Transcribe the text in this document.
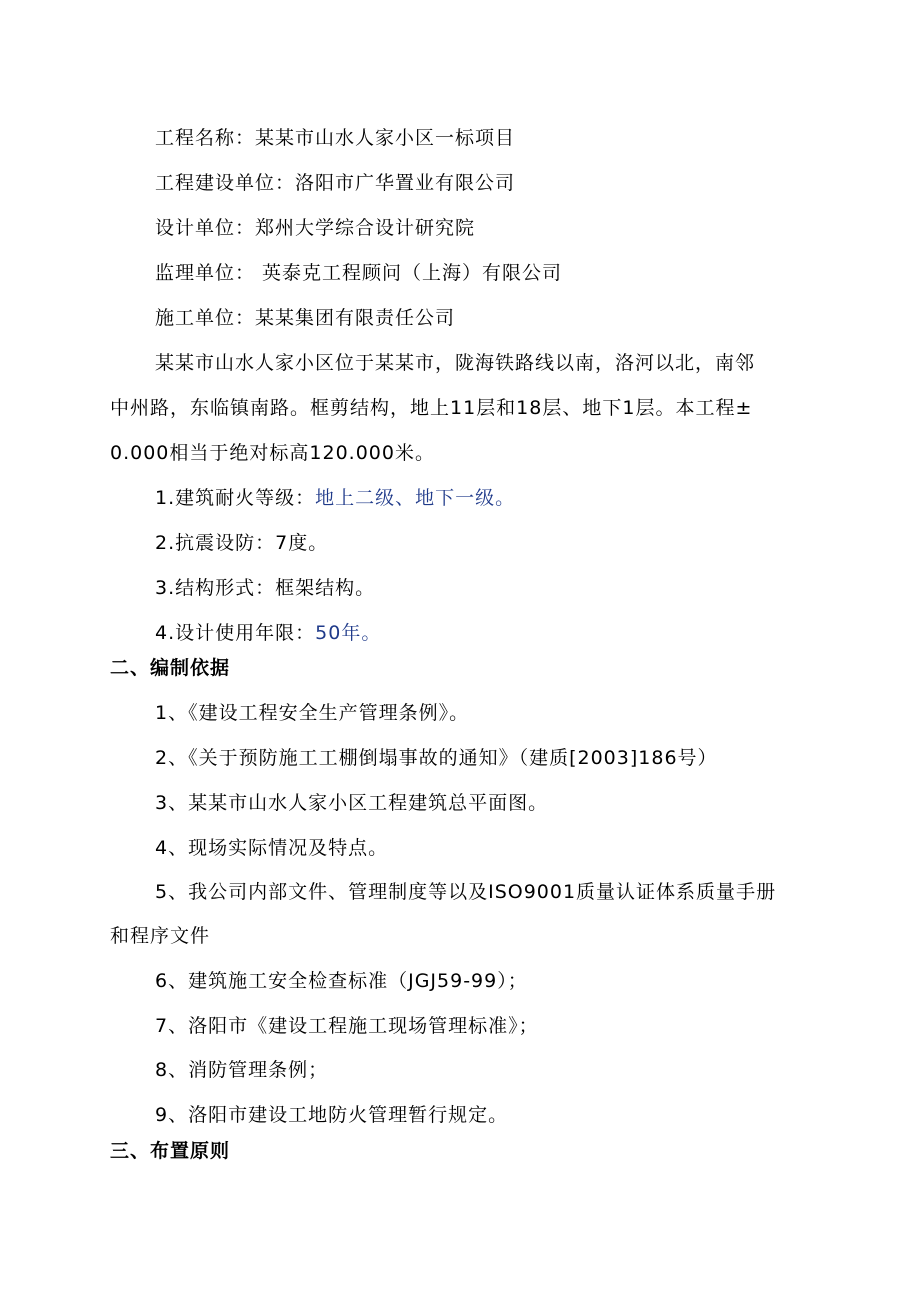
工程名称：某某市山水人家小区一标项目
工程建设单位：洛阳市广华置业有限公司
设计单位：郑州大学综合设计研究院
监理单位： 英泰克工程顾问（上海）有限公司
施工单位：某某集团有限责任公司
某某市山水人家小区位于某某市，陇海铁路线以南，洛河以北，南邻
中州路，东临镇南路。框剪结构，地上11层和18层、地下1层。本工程±
0.000相当于绝对标高120.000米。
1.建筑耐火等级：地上二级、地下一级。
2.抗震设防：7度。
3.结构形式：框架结构。
4.设计使用年限：50年。
二、编制依据
1、《建设工程安全生产管理条例》。
2、《关于预防施工工棚倒塌事故的通知》（建质[2003]186号）
3、某某市山水人家小区工程建筑总平面图。
4、现场实际情况及特点。
5、我公司内部文件、管理制度等以及ISO9001质量认证体系质量手册
和程序文件
6、建筑施工安全检查标准（JGJ59-99）；
7、洛阳市《建设工程施工现场管理标准》；
8、消防管理条例；
9、洛阳市建设工地防火管理暂行规定。
三、布置原则
